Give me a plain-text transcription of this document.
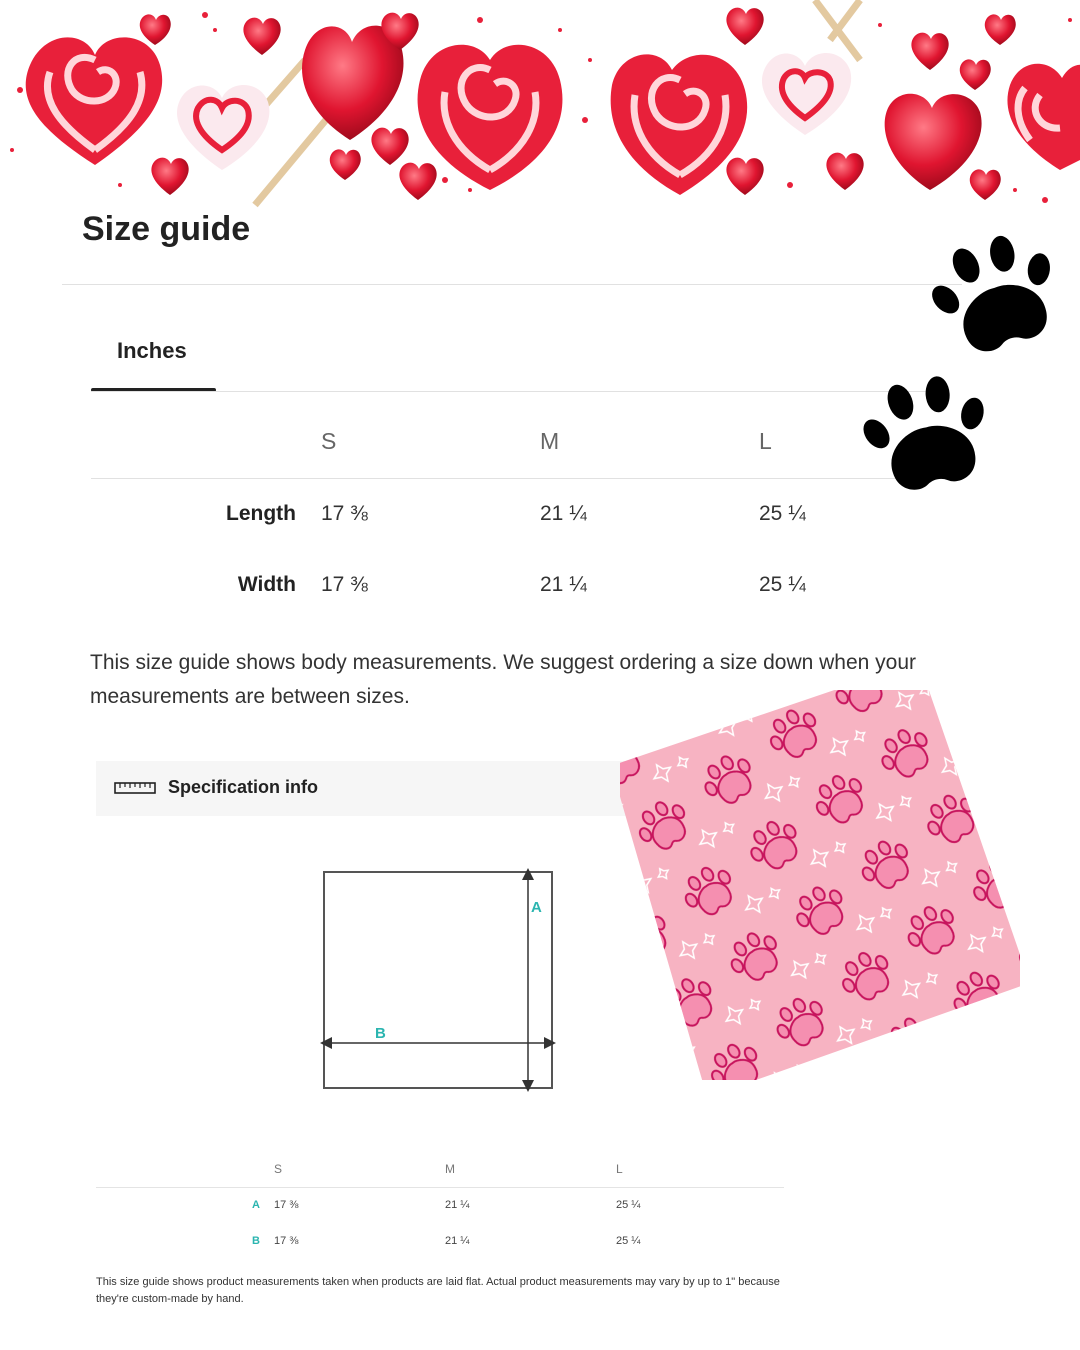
Size guide
Inches
S	M	L
Length 17 ⅜	21 ¼	25 ¼
Width 17 ⅜	21 ¼	25 ¼

This size guide shows body measurements. We suggest ordering a size down when your measurements are between sizes.

Specification info
A
B
S	M	L
A 17 ⅜	21 ¼	25 ¼
B 17 ⅜	21 ¼	25 ¼

This size guide shows product measurements taken when products are laid flat. Actual product measurements may vary by up to 1" because they're custom-made by hand.
